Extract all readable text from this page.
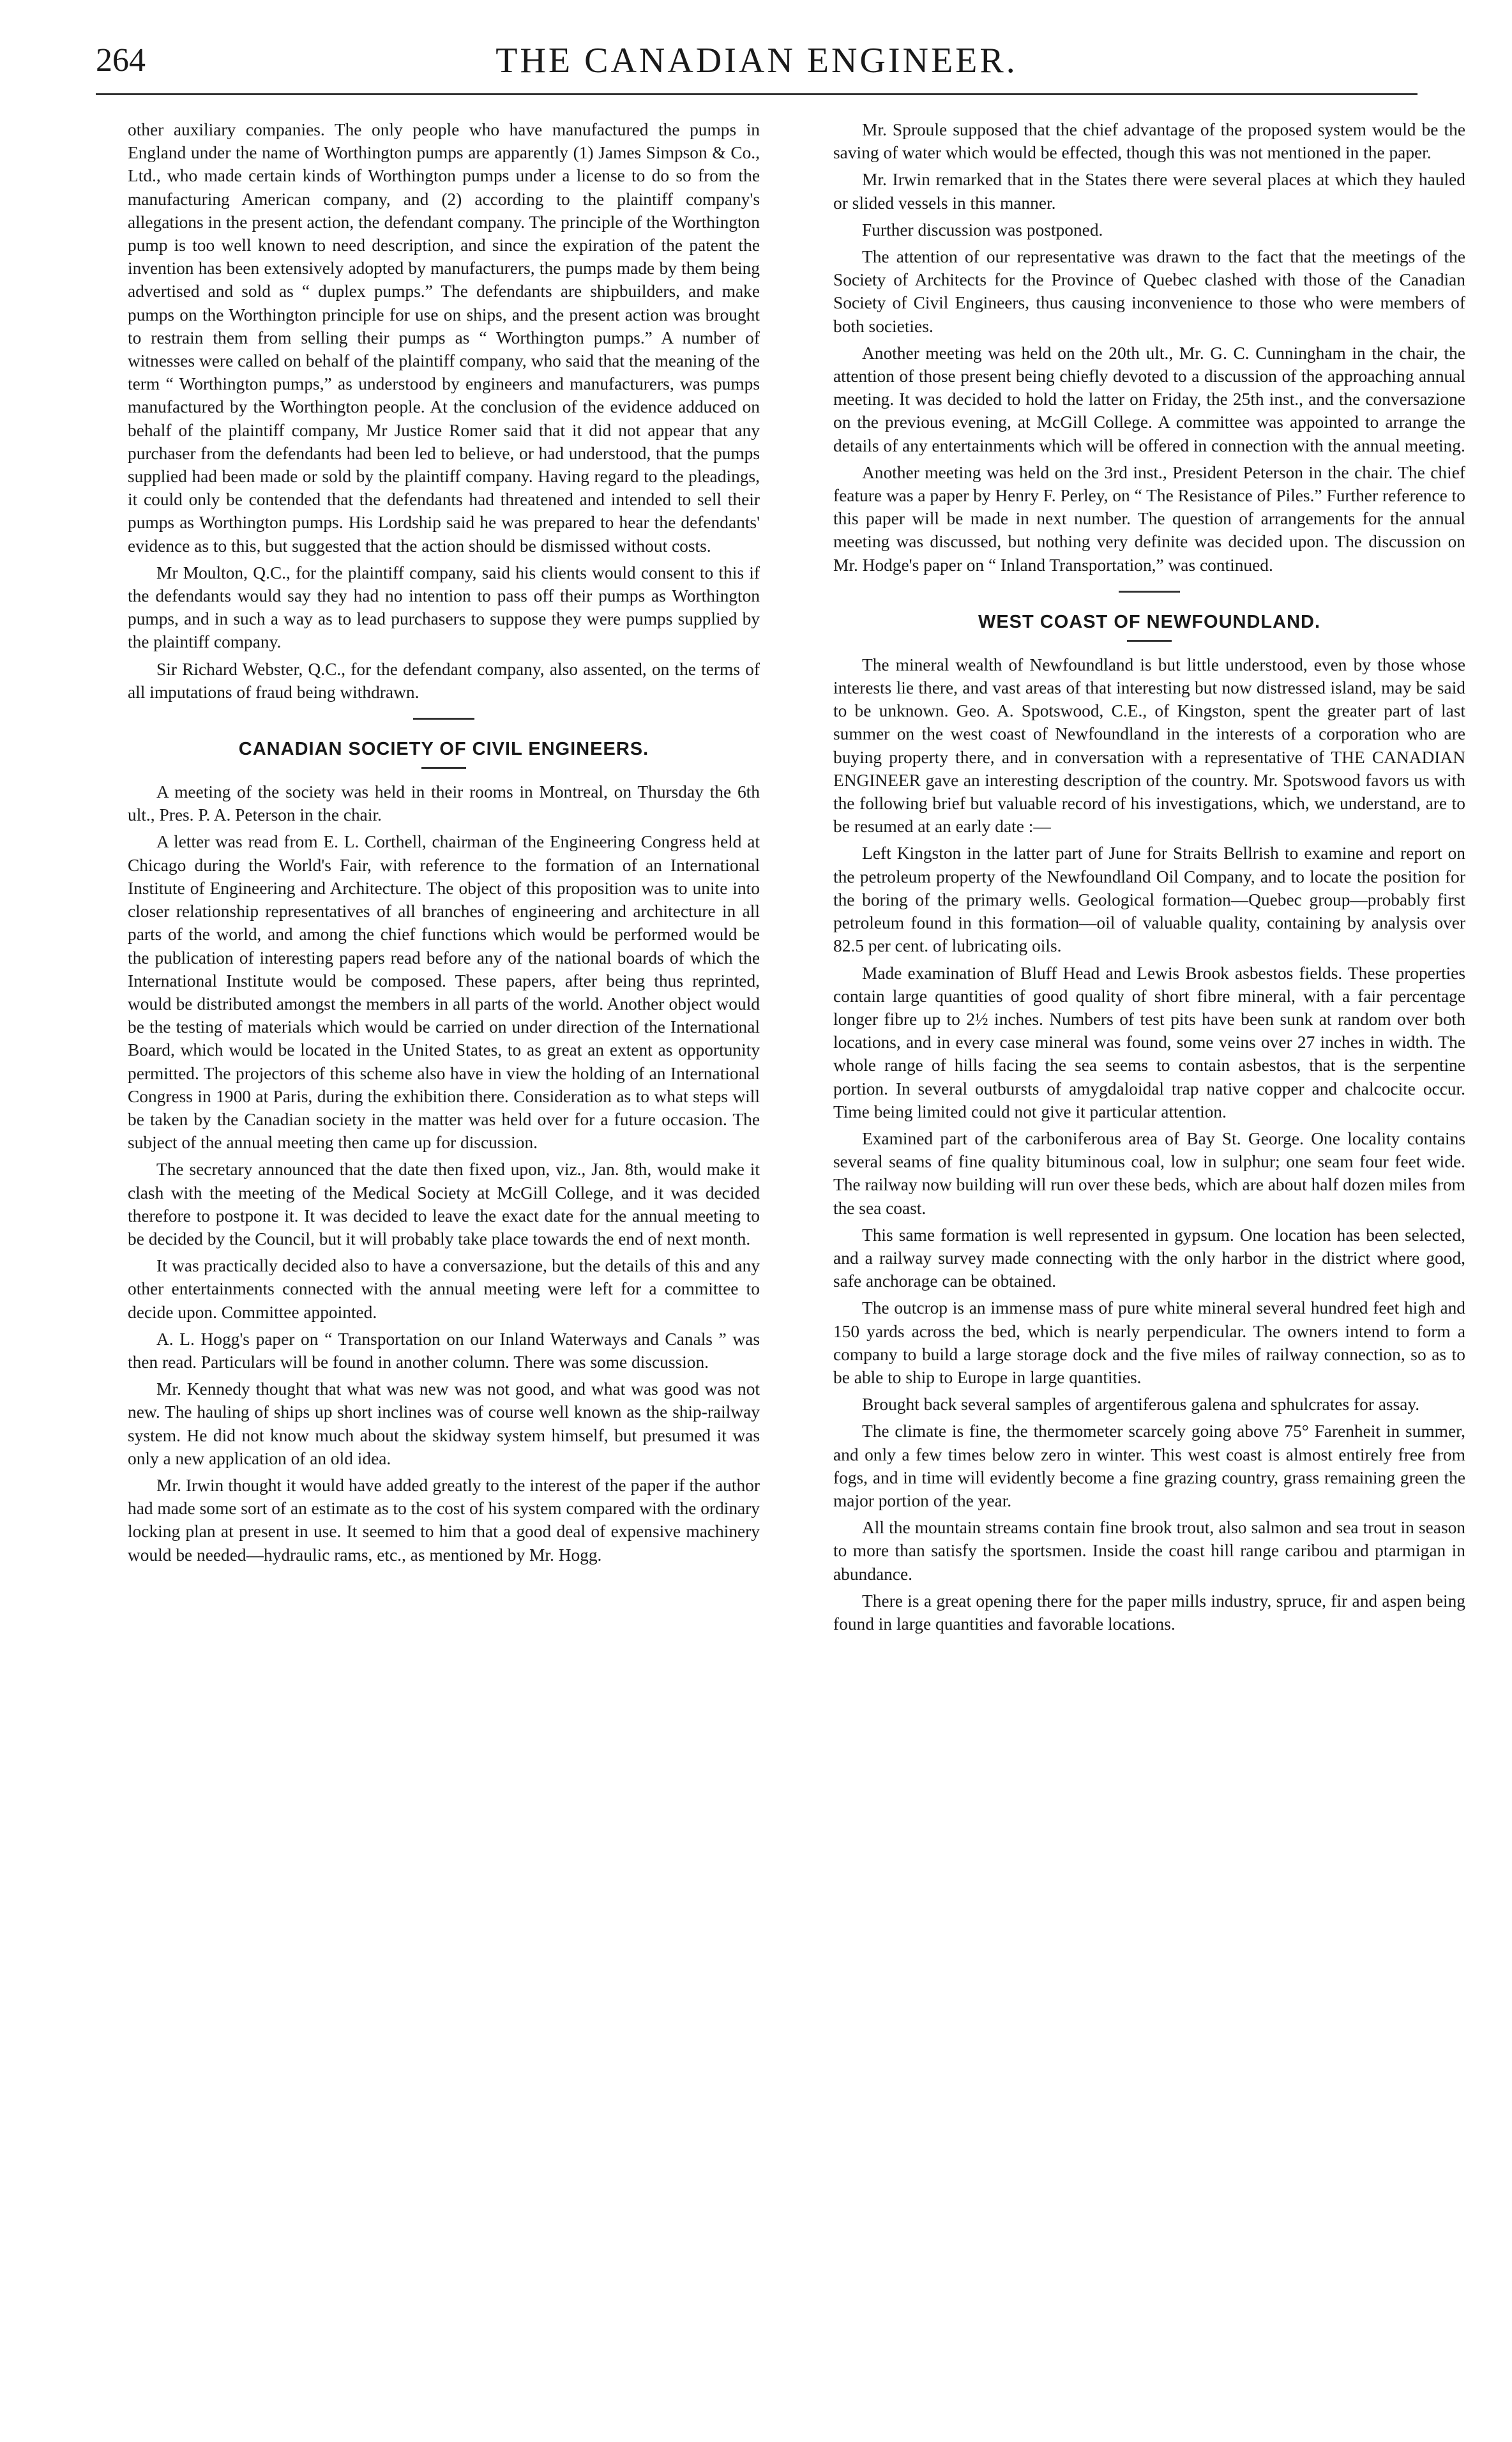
264	THE CANADIAN ENGINEER.

other auxiliary companies. The only people who have manufactured the pumps in England under the name of Worthington pumps are apparently (1) James Simpson & Co., Ltd., who made certain kinds of Worthington pumps under a license to do so from the manufacturing American company, and (2) according to the plaintiff company's allegations in the present action, the defendant company. The principle of the Worthington pump is too well known to need description, and since the expiration of the patent the invention has been extensively adopted by manufacturers, the pumps made by them being advertised and sold as “ duplex pumps.” The defendants are shipbuilders, and make pumps on the Worthington principle for use on ships, and the present action was brought to restrain them from selling their pumps as “ Worthington pumps.” A number of witnesses were called on behalf of the plaintiff company, who said that the meaning of the term “ Worthington pumps,” as understood by engineers and manufacturers, was pumps manufactured by the Worthington people. At the conclusion of the evidence adduced on behalf of the plaintiff company, Mr Justice Romer said that it did not appear that any purchaser from the defendants had been led to believe, or had understood, that the pumps supplied had been made or sold by the plaintiff company. Having regard to the pleadings, it could only be contended that the defendants had threatened and intended to sell their pumps as Worthington pumps. His Lordship said he was prepared to hear the defendants' evidence as to this, but suggested that the action should be dismissed without costs.

Mr Moulton, Q.C., for the plaintiff company, said his clients would consent to this if the defendants would say they had no intention to pass off their pumps as Worthington pumps, and in such a way as to lead purchasers to suppose they were pumps supplied by the plaintiff company.

Sir Richard Webster, Q.C., for the defendant company, also assented, on the terms of all imputations of fraud being withdrawn.

CANADIAN SOCIETY OF CIVIL ENGINEERS.

A meeting of the society was held in their rooms in Montreal, on Thursday the 6th ult., Pres. P. A. Peterson in the chair.

A letter was read from E. L. Corthell, chairman of the Engineering Congress held at Chicago during the World's Fair, with reference to the formation of an International Institute of Engineering and Architecture. The object of this proposition was to unite into closer relationship representatives of all branches of engineering and architecture in all parts of the world, and among the chief functions which would be performed would be the publication of interesting papers read before any of the national boards of which the International Institute would be composed. These papers, after being thus reprinted, would be distributed amongst the members in all parts of the world. Another object would be the testing of materials which would be carried on under direction of the International Board, which would be located in the United States, to as great an extent as opportunity permitted. The projectors of this scheme also have in view the holding of an International Congress in 1900 at Paris, during the exhibition there. Consideration as to what steps will be taken by the Canadian society in the matter was held over for a future occasion. The subject of the annual meeting then came up for discussion.

The secretary announced that the date then fixed upon, viz., Jan. 8th, would make it clash with the meeting of the Medical Society at McGill College, and it was decided therefore to postpone it. It was decided to leave the exact date for the annual meeting to be decided by the Council, but it will probably take place towards the end of next month.

It was practically decided also to have a conversazione, but the details of this and any other entertainments connected with the annual meeting were left for a committee to decide upon. Committee appointed.

A. L. Hogg's paper on “ Transportation on our Inland Waterways and Canals ” was then read. Particulars will be found in another column. There was some discussion.

Mr. Kennedy thought that what was new was not good, and what was good was not new. The hauling of ships up short inclines was of course well known as the ship-railway system. He did not know much about the skidway system himself, but presumed it was only a new application of an old idea.

Mr. Irwin thought it would have added greatly to the interest of the paper if the author had made some sort of an estimate as to the cost of his system compared with the ordinary locking plan at present in use. It seemed to him that a good deal of expensive machinery would be needed—hydraulic rams, etc., as mentioned by Mr. Hogg.

Mr. Sproule supposed that the chief advantage of the proposed system would be the saving of water which would be effected, though this was not mentioned in the paper.

Mr. Irwin remarked that in the States there were several places at which they hauled or slided vessels in this manner.

Further discussion was postponed.

The attention of our representative was drawn to the fact that the meetings of the Society of Architects for the Province of Quebec clashed with those of the Canadian Society of Civil Engineers, thus causing inconvenience to those who were members of both societies.

Another meeting was held on the 20th ult., Mr. G. C. Cunningham in the chair, the attention of those present being chiefly devoted to a discussion of the approaching annual meeting. It was decided to hold the latter on Friday, the 25th inst., and the conversazione on the previous evening, at McGill College. A committee was appointed to arrange the details of any entertainments which will be offered in connection with the annual meeting.

Another meeting was held on the 3rd inst., President Peterson in the chair. The chief feature was a paper by Henry F. Perley, on “ The Resistance of Piles.” Further reference to this paper will be made in next number. The question of arrangements for the annual meeting was discussed, but nothing very definite was decided upon. The discussion on Mr. Hodge's paper on “ Inland Transportation,” was continued.

WEST COAST OF NEWFOUNDLAND.

The mineral wealth of Newfoundland is but little understood, even by those whose interests lie there, and vast areas of that interesting but now distressed island, may be said to be unknown. Geo. A. Spotswood, C.E., of Kingston, spent the greater part of last summer on the west coast of Newfoundland in the interests of a corporation who are buying property there, and in conversation with a representative of THE CANADIAN ENGINEER gave an interesting description of the country. Mr. Spotswood favors us with the following brief but valuable record of his investigations, which, we understand, are to be resumed at an early date :—

Left Kingston in the latter part of June for Straits Bellrish to examine and report on the petroleum property of the Newfoundland Oil Company, and to locate the position for the boring of the primary wells. Geological formation—Quebec group—probably first petroleum found in this formation—oil of valuable quality, containing by analysis over 82.5 per cent. of lubricating oils.

Made examination of Bluff Head and Lewis Brook asbestos fields. These properties contain large quantities of good quality of short fibre mineral, with a fair percentage longer fibre up to 2½ inches. Numbers of test pits have been sunk at random over both locations, and in every case mineral was found, some veins over 27 inches in width. The whole range of hills facing the sea seems to contain asbestos, that is the serpentine portion. In several outbursts of amygdaloidal trap native copper and chalcocite occur. Time being limited could not give it particular attention.

Examined part of the carboniferous area of Bay St. George. One locality contains several seams of fine quality bituminous coal, low in sulphur; one seam four feet wide. The railway now building will run over these beds, which are about half dozen miles from the sea coast.

This same formation is well represented in gypsum. One location has been selected, and a railway survey made connecting with the only harbor in the district where good, safe anchorage can be obtained.

The outcrop is an immense mass of pure white mineral several hundred feet high and 150 yards across the bed, which is nearly perpendicular. The owners intend to form a company to build a large storage dock and the five miles of railway connection, so as to be able to ship to Europe in large quantities.

Brought back several samples of argentiferous galena and sphulcrates for assay.

The climate is fine, the thermometer scarcely going above 75° Farenheit in summer, and only a few times below zero in winter. This west coast is almost entirely free from fogs, and in time will evidently become a fine grazing country, grass remaining green the major portion of the year.

All the mountain streams contain fine brook trout, also salmon and sea trout in season to more than satisfy the sportsmen. Inside the coast hill range caribou and ptarmigan in abundance.

There is a great opening there for the paper mills industry, spruce, fir and aspen being found in large quantities and favorable locations.
